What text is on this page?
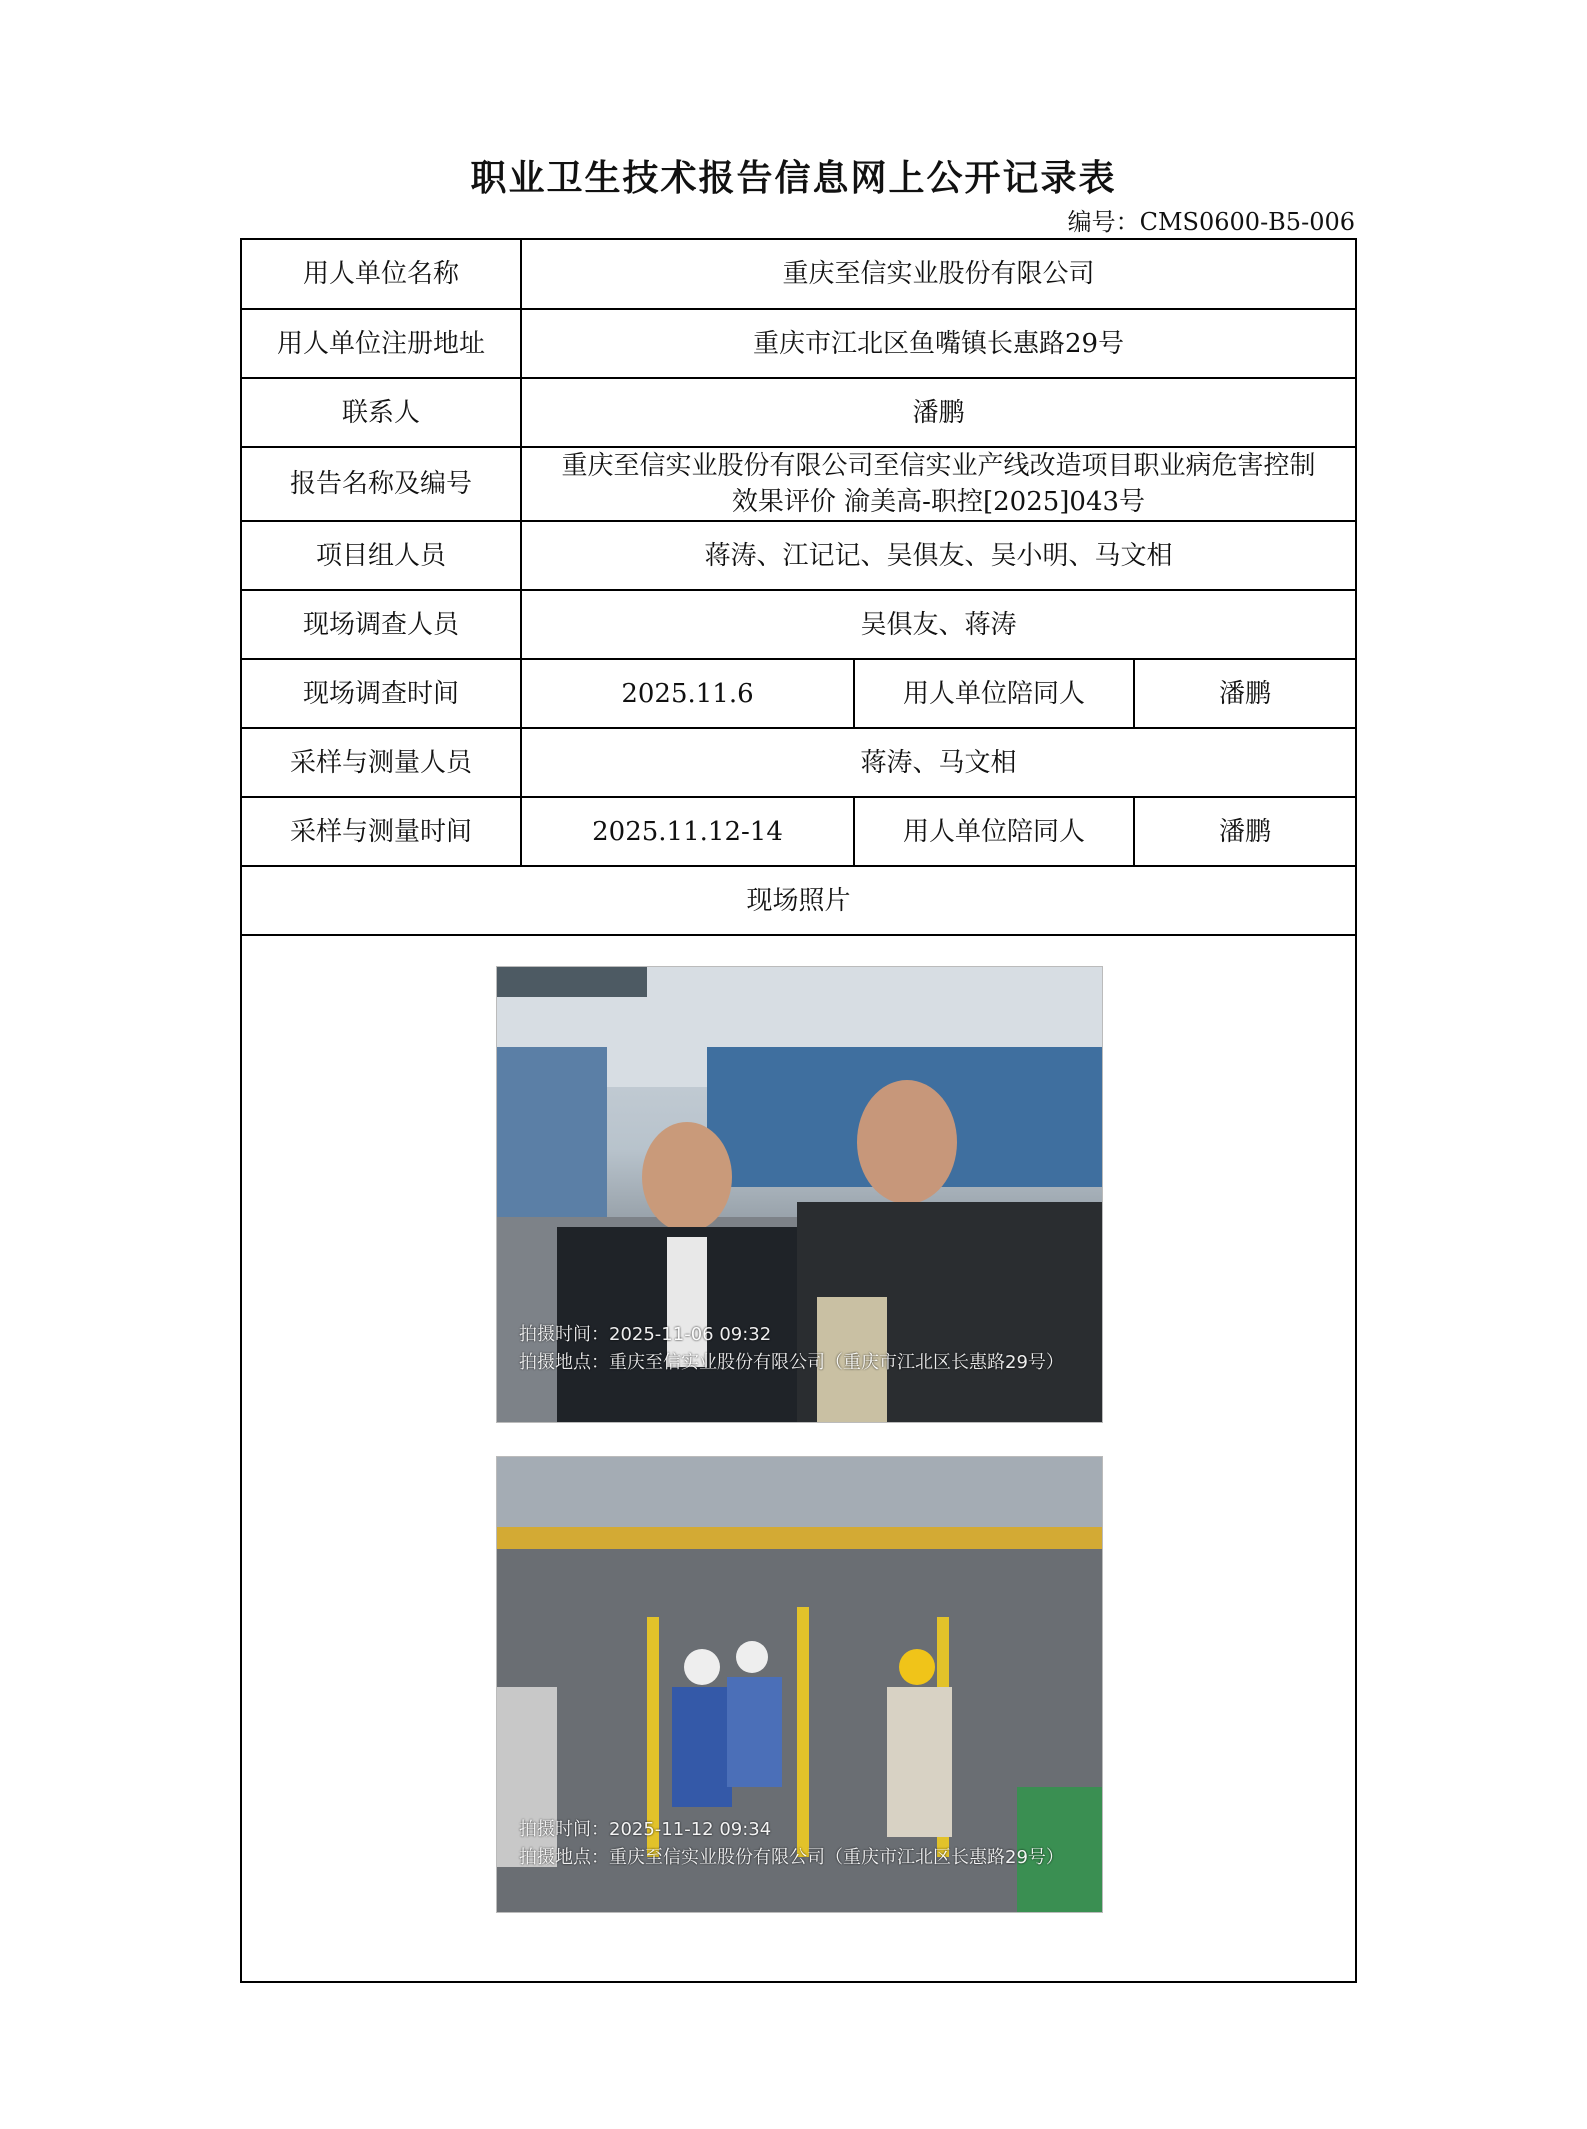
职业卫生技术报告信息网上公开记录表
编号：CMS0600-B5-006
用人单位名称	重庆至信实业股份有限公司		
用人单位注册地址	重庆市江北区鱼嘴镇长惠路29号		
联系人	潘鹏		
报告名称及编号	重庆至信实业股份有限公司至信实业产线改造项目职业病危害控制
效果评价 渝美高-职控[2025]043号		

项目组人员	蒋涛、江记记、吴俱友、吴小明、马文相		
现场调查人员	吴俱友、蒋涛		
现场调查时间	2025.11.6	用人单位陪同人	潘鹏
采样与测量人员	蒋涛、马文相		
采样与测量时间	2025.11.12-14	用人单位陪同人	潘鹏
现场照片			

拍摄时间：2025-11-06 09:32
拍摄地点：重庆至信实业股份有限公司（重庆市江北区长惠路29号）
拍摄时间：2025-11-12 09:34
拍摄地点：重庆至信实业股份有限公司（重庆市江北区长惠路29号）			
